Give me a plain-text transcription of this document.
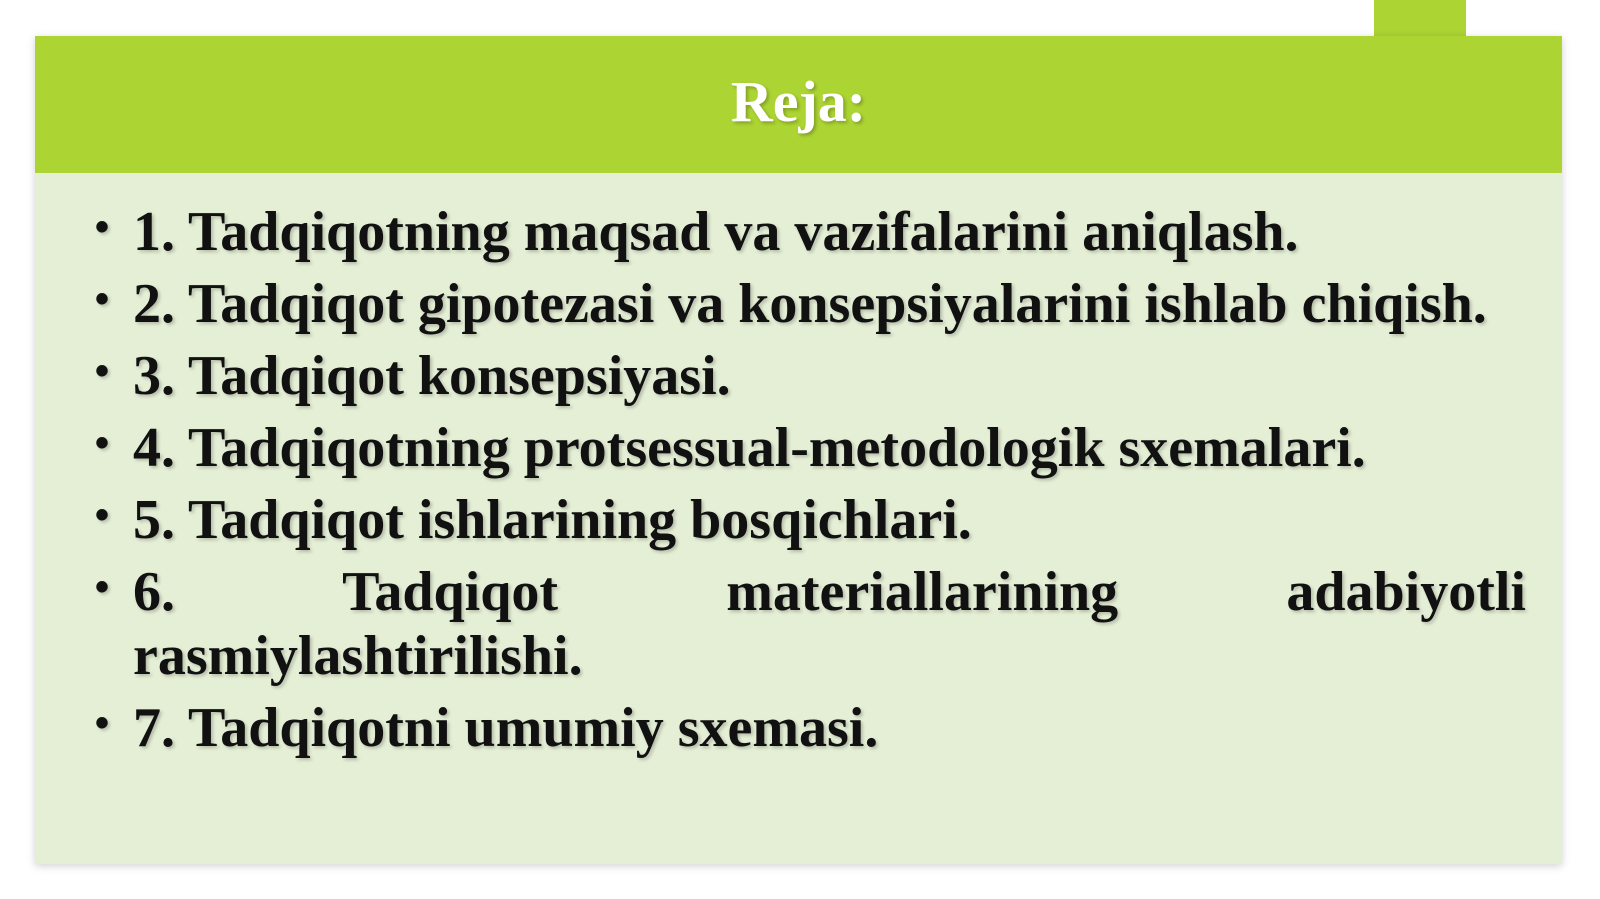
Reja:
• 1. Tadqiqotning maqsad va vazifalarini aniqlash.
• 2. Tadqiqot gipotezasi va konsepsiyalarini ishlab chiqish.
• 3. Tadqiqot konsepsiyasi.
• 4. Tadqiqotning protsessual-metodologik sxemalari.
• 5. Tadqiqot ishlarining bosqichlari.
• 6. Tadqiqot materiallarining adabiyotli rasmiylashtirilishi.
• 7. Tadqiqotni umumiy sxemasi.
